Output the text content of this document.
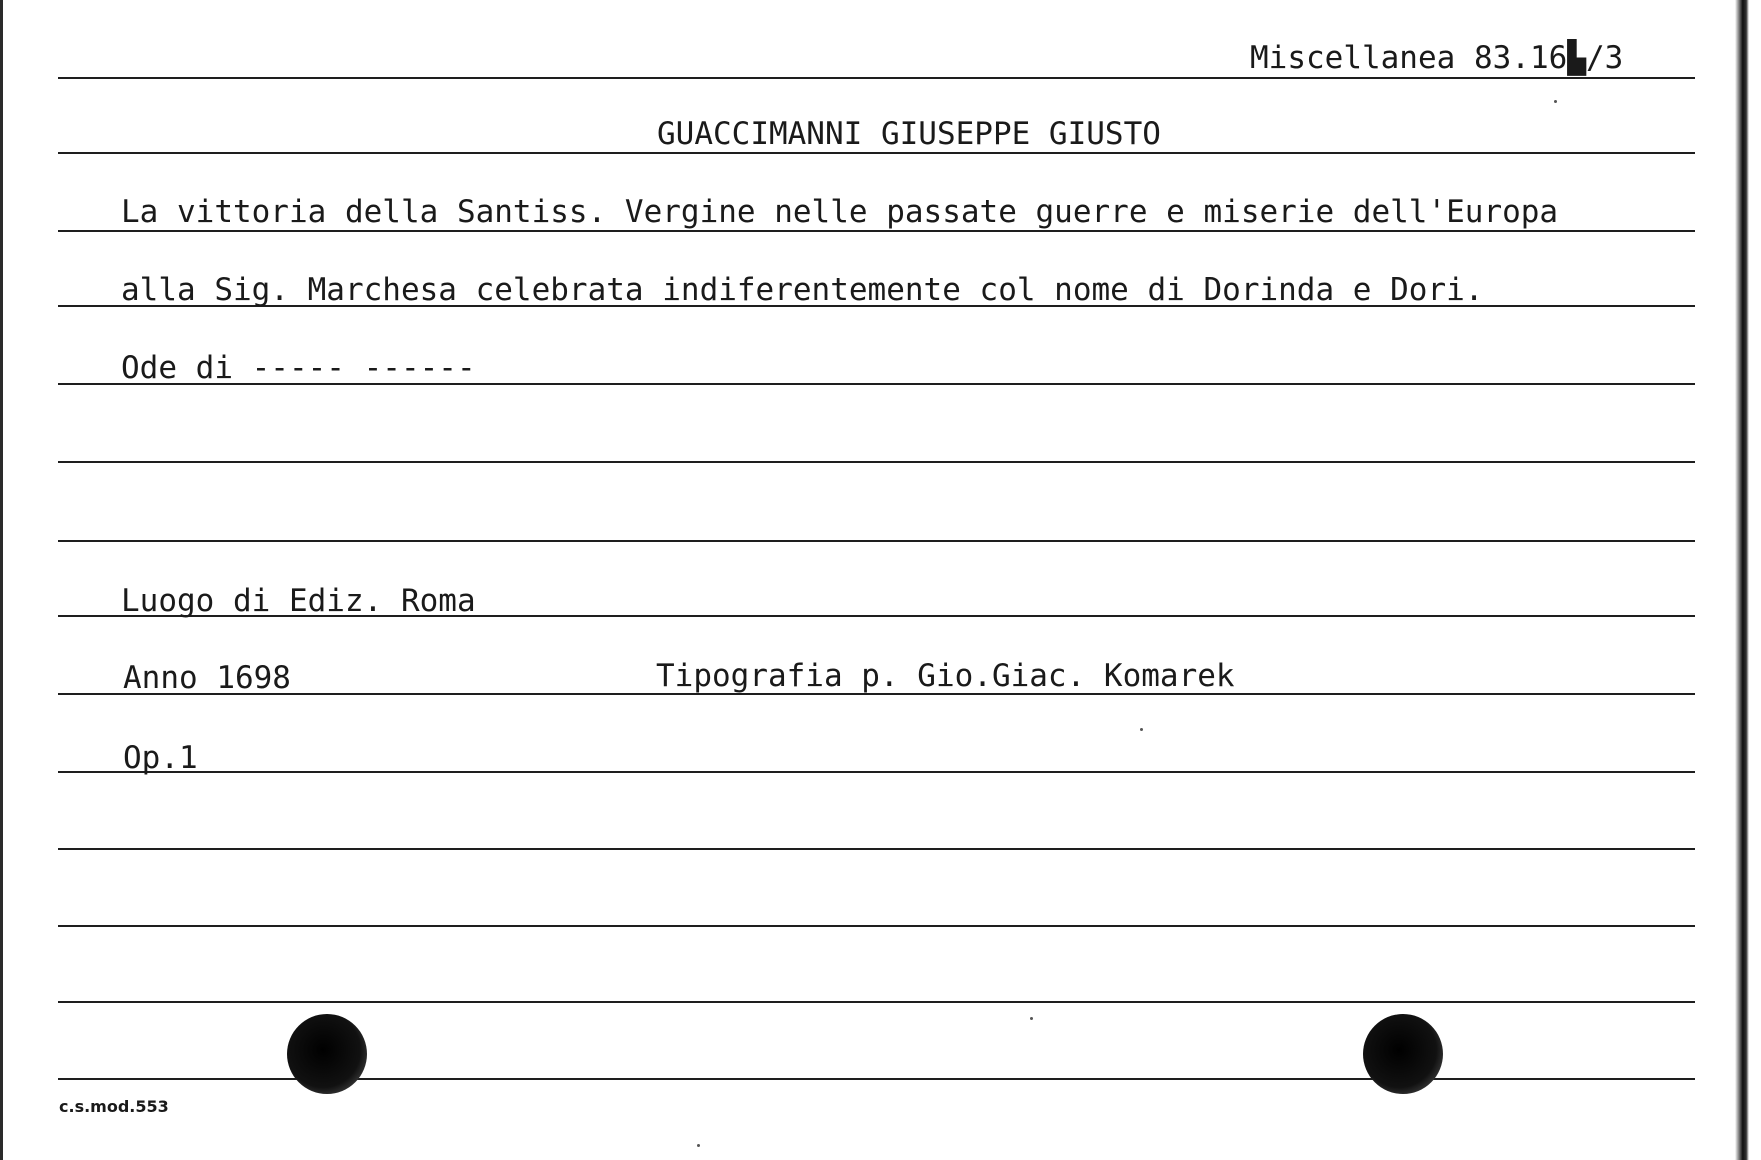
Miscellanea 83.16▙/3
GUACCIMANNI GIUSEPPE GIUSTO
La vittoria della Santiss. Vergine nelle passate guerre e miserie dell'Europa
alla Sig. Marchesa celebrata indiferentemente col nome di Dorinda e Dori.
Ode di ----- ------
Luogo di Ediz. Roma
Anno 1698	Tipografia p. Gio.Giac. Komarek
Op.1
c.s.mod.553
